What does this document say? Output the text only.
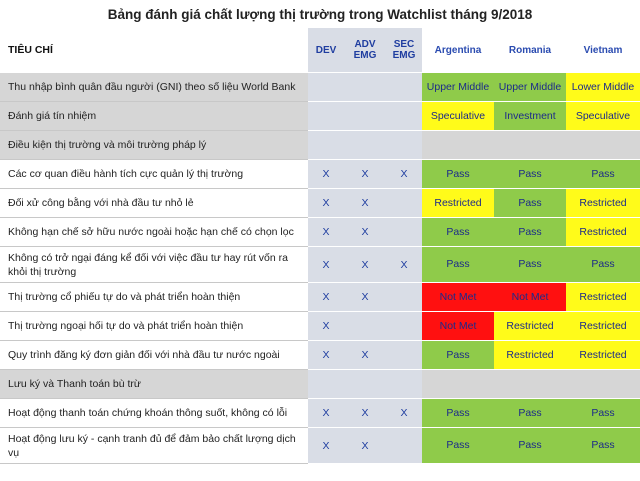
Bảng đánh giá chất lượng thị trường trong Watchlist tháng 9/2018
TIÊU CHÍ	DEV	ADV EMG	SEC EMG	Argentina	Romania	Vietnam
Thu nhập bình quân đầu người (GNI) theo số liệu World Bank				Upper Middle	Upper Middle	Lower Middle
Đánh giá tín nhiệm				Speculative	Investment	Speculative
Điều kiện thị trường và môi trường pháp lý						
Các cơ quan điều hành tích cực quản lý thị trường	X	X	X	Pass	Pass	Pass
Đối xử công bằng với nhà đầu tư nhỏ lẻ	X	X		Restricted	Pass	Restricted
Không hạn chế sở hữu nước ngoài hoặc hạn chế có chọn lọc	X	X		Pass	Pass	Restricted
Không có trở ngại đáng kể đối với việc đầu tư hay rút vốn ra khỏi thị trường	X	X	X	Pass	Pass	Pass
Thị trường cổ phiếu tự do và phát triển hoàn thiện	X	X		Not Met	Not Met	Restricted
Thị trường ngoại hối tự do và phát triển hoàn thiện	X			Not Met	Restricted	Restricted
Quy trình đăng ký đơn giản đối với nhà đầu tư nước ngoài	X	X		Pass	Restricted	Restricted
Lưu ký và Thanh toán bù trừ						
Hoạt động thanh toán chứng khoán thông suốt, không có lỗi	X	X	X	Pass	Pass	Pass
Hoạt động lưu ký - cạnh tranh đủ để đảm bảo chất lượng dịch vụ	X	X		Pass	Pass	Pass
